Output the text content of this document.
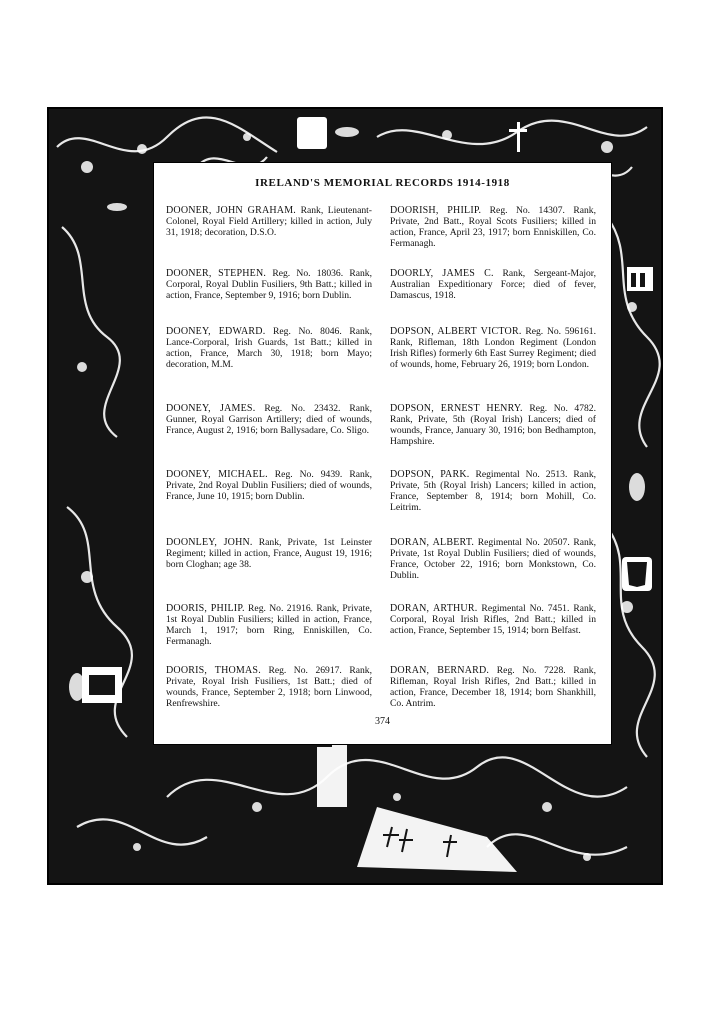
IRELAND'S MEMORIAL RECORDS 1914-1918
DOONER, JOHN GRAHAM. Rank, Lieutenant-Colonel, Royal Field Artillery; killed in action, July 31, 1918; decoration, D.S.O.
DOORISH, PHILIP. Reg. No. 14307. Rank, Private, 2nd Batt., Royal Scots Fusiliers; killed in action, France, April 23, 1917; born Enniskillen, Co. Fermanagh.
DOONER, STEPHEN. Reg. No. 18036. Rank, Corporal, Royal Dublin Fusiliers, 9th Batt.; killed in action, France, September 9, 1916; born Dublin.
DOORLY, JAMES C. Rank, Sergeant-Major, Australian Expeditionary Force; died of fever, Damascus, 1918.
DOONEY, EDWARD. Reg. No. 8046. Rank, Lance-Corporal, Irish Guards, 1st Batt.; killed in action, France, March 30, 1918; born Mayo; decoration, M.M.
DOPSON, ALBERT VICTOR. Reg. No. 596161. Rank, Rifleman, 18th London Regiment (London Irish Rifles) formerly 6th East Surrey Regiment; died of wounds, home, February 26, 1919; born London.
DOONEY, JAMES. Reg. No. 23432. Rank, Gunner, Royal Garrison Artillery; died of wounds, France, August 2, 1916; born Ballysadare, Co. Sligo.
DOPSON, ERNEST HENRY. Reg. No. 4782. Rank, Private, 5th (Royal Irish) Lancers; died of wounds, France, January 30, 1916; bon Bedhampton, Hampshire.
DOONEY, MICHAEL. Reg. No. 9439. Rank, Private, 2nd Royal Dublin Fusiliers; died of wounds, France, June 10, 1915; born Dublin.
DOPSON, PARK. Regimental No. 2513. Rank, Private, 5th (Royal Irish) Lancers; killed in action, France, September 8, 1914; born Mohill, Co. Leitrim.
DOONLEY, JOHN. Rank, Private, 1st Leinster Regiment; killed in action, France, August 19, 1916; born Cloghan; age 38.
DORAN, ALBERT. Regimental No. 20507. Rank, Private, 1st Royal Dublin Fusiliers; died of wounds, France, October 22, 1916; born Monkstown, Co. Dublin.
DOORIS, PHILIP. Reg. No. 21916. Rank, Private, 1st Royal Dublin Fusiliers; killed in action, France, March 1, 1917; born Ring, Enniskillen, Co. Fermanagh.
DORAN, ARTHUR. Regimental No. 7451. Rank, Corporal, Royal Irish Rifles, 2nd Batt.; killed in action, France, September 15, 1914; born Belfast.
DOORIS, THOMAS. Reg. No. 26917. Rank, Private, Royal Irish Fusiliers, 1st Batt.; died of wounds, France, September 2, 1918; born Linwood, Renfrewshire.
DORAN, BERNARD. Reg. No. 7228. Rank, Rifleman, Royal Irish Rifles, 2nd Batt.; killed in action, France, December 18, 1914; born Shankhill, Co. Antrim.
374
